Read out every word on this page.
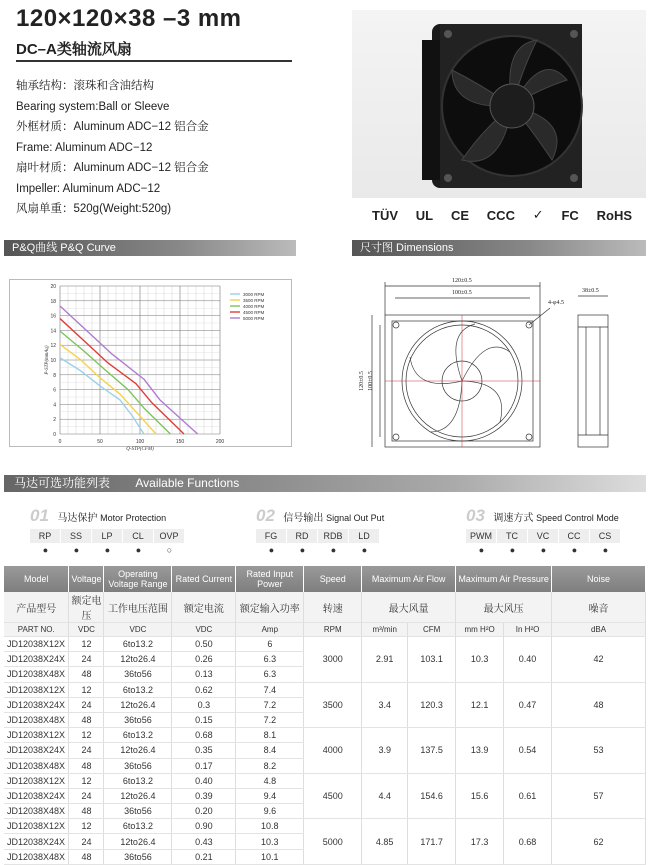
120×120×38 –3 mm
DC–A类轴流风扇
轴承结构：滚珠和含油结构
Bearing system:Ball or Sleeve
外框材质：Aluminum ADC−12 铝合金
Frame: Aluminum ADC−12
扇叶材质：Aluminum ADC−12 铝合金
Impeller: Aluminum ADC−12
风扇单重：520g(Weight:520g)	TÜV UL CE CCC ✓ FC RoHS
P&Q曲线 P&Q Curve	尺寸图 Dimensions
0	50	100	150	200
0
2
4
6
8
10
12
14
16
18
20
Q-STP(CFM)
P-STP(mmAq)
3000 RPM
3500 RPM
4000 RPM
4500 RPM
5000 RPM
120±0.5
100±0.5
120±0.5 100±0.5
4-φ4.5
38±0.5
马达可选功能列表 Available Functions
01 马达保护 Motor Protection
RP
●
SS
●
LP
●
CL
●
OVP
○
02 信号输出 Signal Out Put
FG
●
RD
●
RDB
●
LD
●
03 调速方式 Speed Control Mode
PWM
●
TC
●
VC
●
CC
●
CS
●
Model	Voltage	Operating Voltage Range	Rated Current	Rated Input Power	Speed	Maximum Air Flow		Maximum Air Pressure		Noise
产品型号	额定电压	工作电压范围	额定电流	额定输入功率	转速	最大风量		最大风压		噪音
PART NO.	VDC	VDC	VDC	Amp	RPM	m³/min	CFM	mm H²O	In H²O	dBA
JD12038X12X	12	6to13.2	0.50	6	3000	2.91	103.1	10.3	0.40	42
JD12038X24X	24	12to26.4	0.26	6.3						
JD12038X48X	48	36to56	0.13	6.3						
JD12038X12X	12	6to13.2	0.62	7.4	3500	3.4	120.3	12.1	0.47	48
JD12038X24X	24	12to26.4	0.3	7.2						
JD12038X48X	48	36to56	0.15	7.2						
JD12038X12X	12	6to13.2	0.68	8.1	4000	3.9	137.5	13.9	0.54	53
JD12038X24X	24	12to26.4	0.35	8.4						
JD12038X48X	48	36to56	0.17	8.2						
JD12038X12X	12	6to13.2	0.40	4.8	4500	4.4	154.6	15.6	0.61	57
JD12038X24X	24	12to26.4	0.39	9.4						
JD12038X48X	48	36to56	0.20	9.6						
JD12038X12X	12	6to13.2	0.90	10.8	5000	4.85	171.7	17.3	0.68	62
JD12038X24X	24	12to26.4	0.43	10.3						
JD12038X48X	48	36to56	0.21	10.1						
